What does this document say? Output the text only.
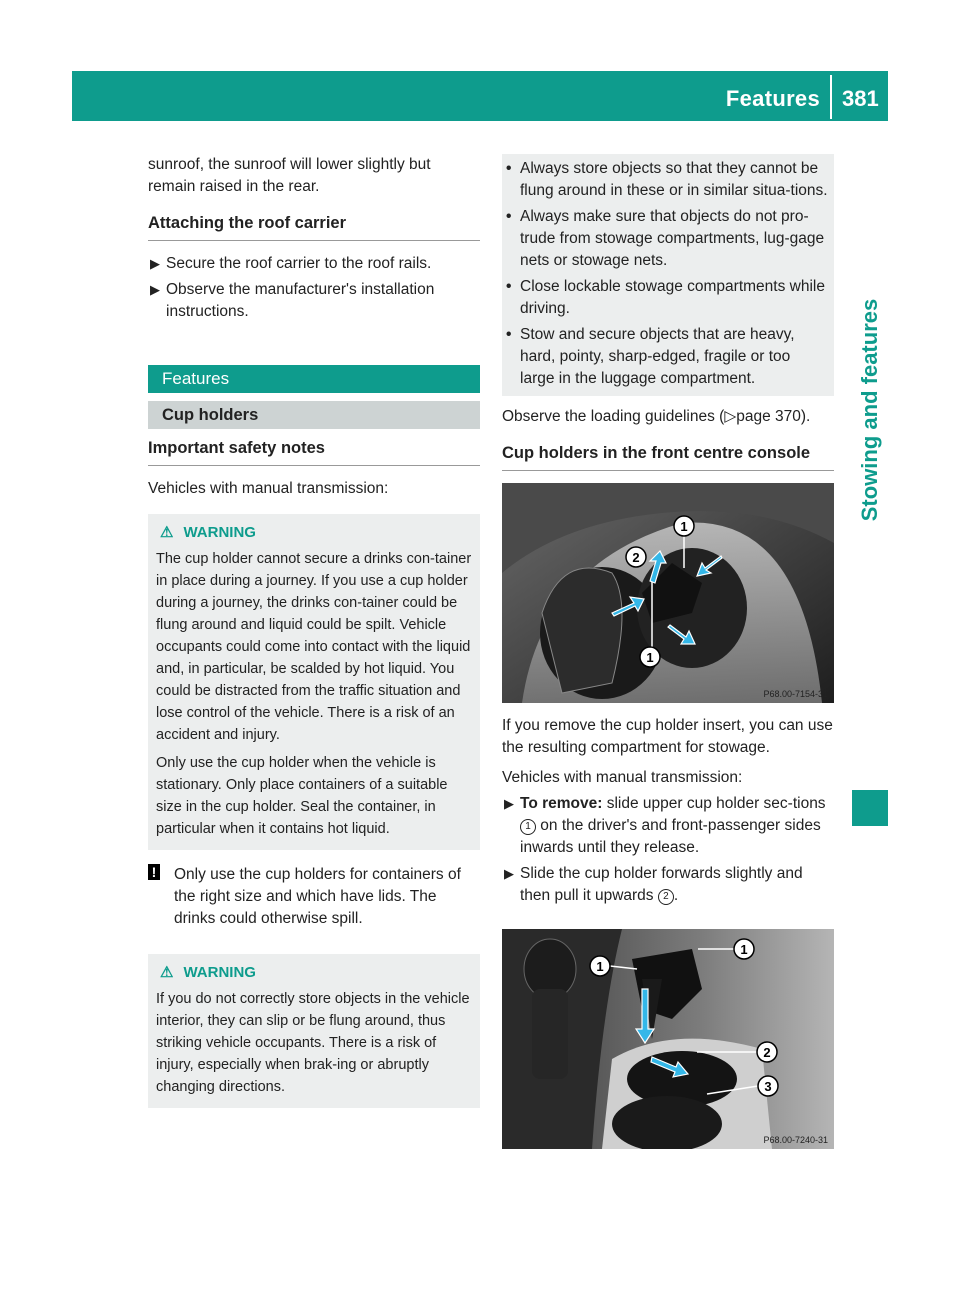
Features 381
Stowing and features

sunroof, the sunroof will lower slightly but remain raised in the rear.

Attaching the roof carrier

▶ Secure the roof carrier to the roof rails.

▶ Observe the manufacturer's installation instructions.

Features
Cup holders

Important safety notes

Vehicles with manual transmission:

⚠ WARNING

The cup holder cannot secure a drinks con-tainer in place during a journey. If you use a cup holder during a journey, the drinks con-tainer could be flung around and liquid could be spilt. Vehicle occupants could come into contact with the liquid and, in particular, be scalded by hot liquid. You could be distracted from the traffic situation and lose control of the vehicle. There is a risk of an accident and injury.

Only use the cup holder when the vehicle is stationary. Only place containers of a suitable size in the cup holder. Seal the container, in particular when it contains hot liquid.

! Only use the cup holders for containers of the right size and which have lids. The drinks could otherwise spill.

⚠ WARNING

If you do not correctly store objects in the vehicle interior, they can slip or be flung around, thus striking vehicle occupants. There is a risk of injury, especially when brak-ing or abruptly changing directions.

• Always store objects so that they cannot be flung around in these or in similar situa-tions.

• Always make sure that objects do not pro-trude from stowage compartments, lug-gage nets or stowage nets.

• Close lockable stowage compartments while driving.

• Stow and secure objects that are heavy, hard, pointy, sharp-edged, fragile or too large in the luggage compartment.

Observe the loading guidelines (▷page 370).

Cup holders in the front centre console

1
2
1
P68.00-7154-31

If you remove the cup holder insert, you can use the resulting compartment for stowage.

Vehicles with manual transmission:

▶ To remove: slide upper cup holder sec-tions 1 on the driver's and front-passenger sides inwards until they release.

▶ Slide the cup holder forwards slightly and then pull it upwards 2 .

1
1
2
3
P68.00-7240-31
